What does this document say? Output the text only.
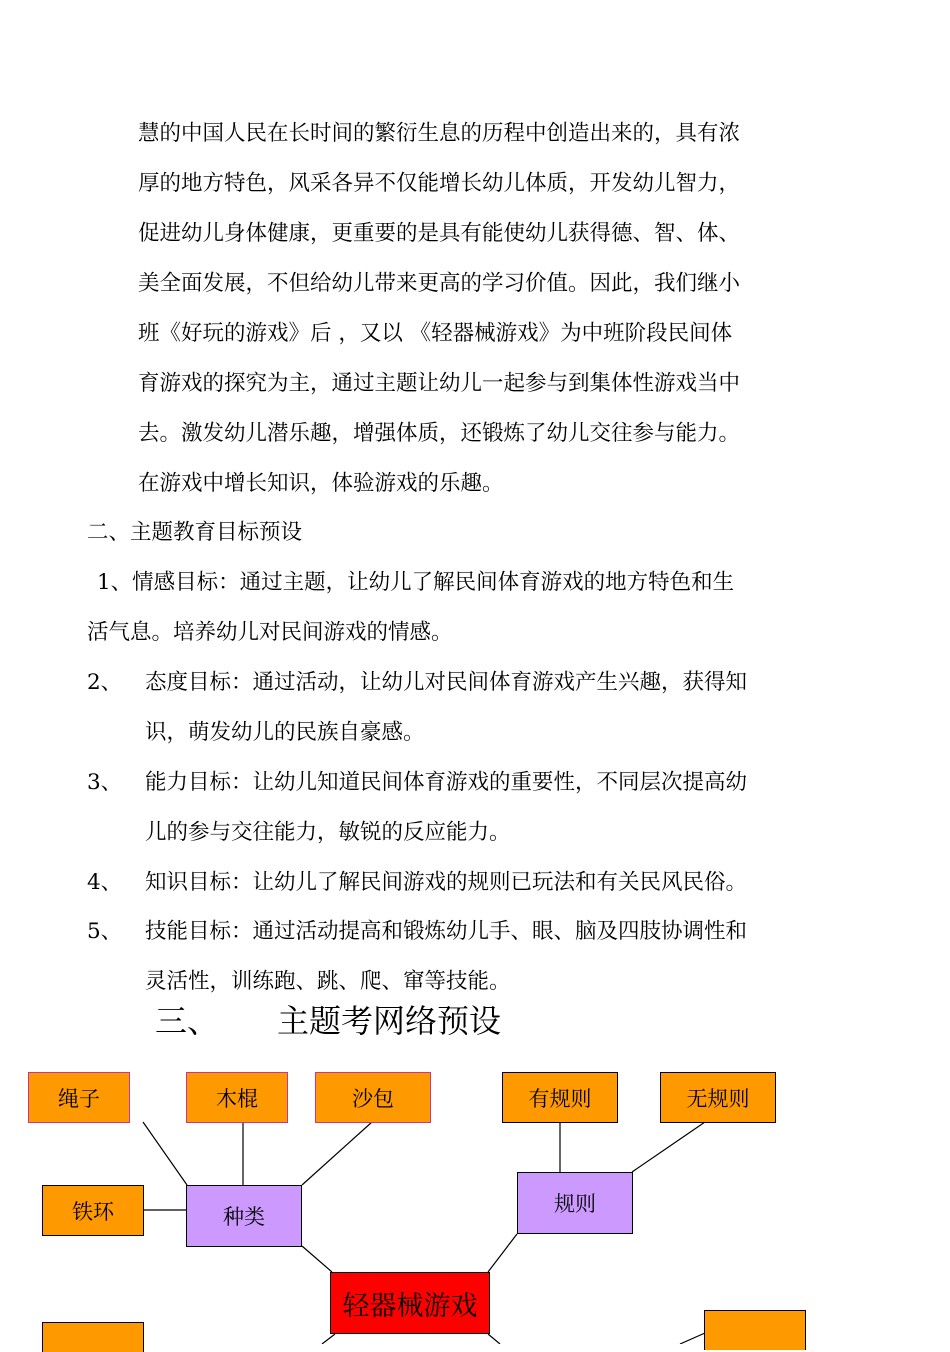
慧的中国人民在长时间的繁衍生息的历程中创造出来的，具有浓
厚的地方特色，风采各异不仅能增长幼儿体质，开发幼儿智力，
促进幼儿身体健康，更重要的是具有能使幼儿获得德、智、体、
美全面发展，不但给幼儿带来更高的学习价值。因此，我们继小
班《好玩的游戏》后 ，又以 《轻器械游戏》为中班阶段民间体
育游戏的探究为主，通过主题让幼儿一起参与到集体性游戏当中
去。激发幼儿潜乐趣，增强体质，还锻炼了幼儿交往参与能力。
在游戏中增长知识，体验游戏的乐趣。
二、主题教育目标预设
1、情感目标：通过主题，让幼儿了解民间体育游戏的地方特色和生
活气息。培养幼儿对民间游戏的情感。
2、 态度目标：通过活动，让幼儿对民间体育游戏产生兴趣，获得知
识，萌发幼儿的民族自豪感。
3、 能力目标：让幼儿知道民间体育游戏的重要性，不同层次提高幼
儿的参与交往能力，敏锐的反应能力。
4、 知识目标：让幼儿了解民间游戏的规则已玩法和有关民风民俗。
5、 技能目标：通过活动提高和锻炼幼儿手、眼、脑及四肢协调性和
灵活性，训练跑、跳、爬、窜等技能。
三、 主题考网络预设
绳子	木棍	沙包	有规则	无规则
铁环	种类
规则
轻器械游戏
